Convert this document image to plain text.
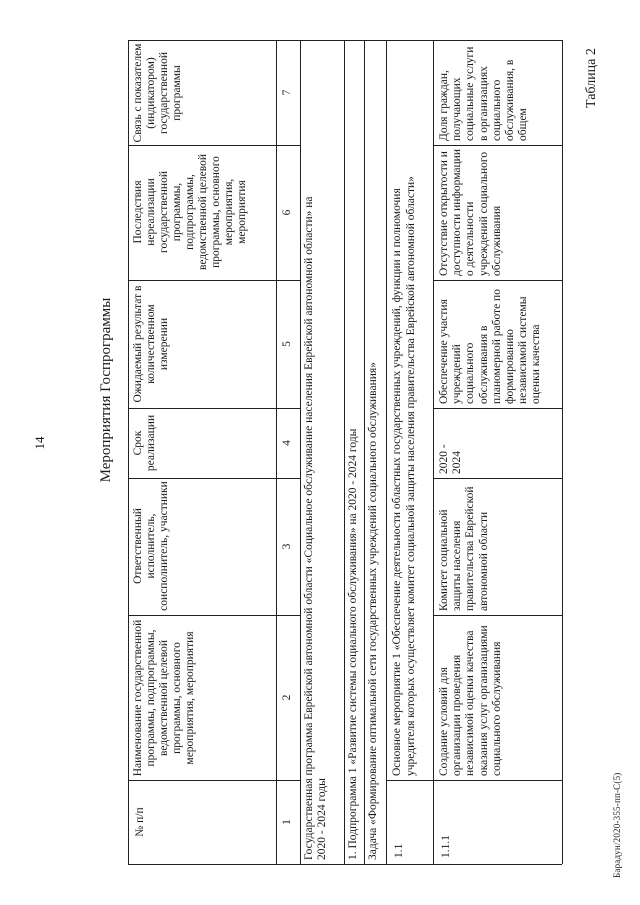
14
Таблица 2
Мероприятия Госпрограммы
Барадун/2020-355-пп-С(5)
№ п/п
Наименование государственной программы, подпрограммы, ведомственной целевой программы, основного мероприятия, мероприятия
Ответственный исполнитель, соисполнитель, участники
Срок реализации
Ожидаемый результат в количественном измерении
Последствия нереализации государственной программы, подпрограммы, ведомственной целевой программы, основного мероприятия, мероприятия
Связь с показателем (индикатором) государственной программы
1
2
3
4
5
6
7
Государственная программа Еврейской автономной области «Социальное обслуживание населения Еврейской автономной области» на 2020 - 2024 годы 1. Подпрограмма 1 «Развитие системы социального обслуживания» на 2020 - 2024 годы Задача «Формирование оптимальной сети государственных учреждений социального обслуживания» 1.1
Основное мероприятие 1 «Обеспечение деятельности областных государственных учреждений, функции и полномочия учредителя которых осуществляет комитет социальной защиты населения правительства Еврейской автономной области»
1.1.1
Создание условий для организации проведения независимой оценки качества оказания услуг организациями социального обслуживания
Комитет социальной защиты населения правительства Еврейской автономной области
2020 - 2024
Обеспечение участия учреждений социального обслуживания в планомерной работе по формированию независимой системы оценки качества
Отсутствие открытости и доступности информации о деятельности учреждений социального обслуживания
Доля граждан, получающих социальные услуги в организациях социального обслуживания, в общем
